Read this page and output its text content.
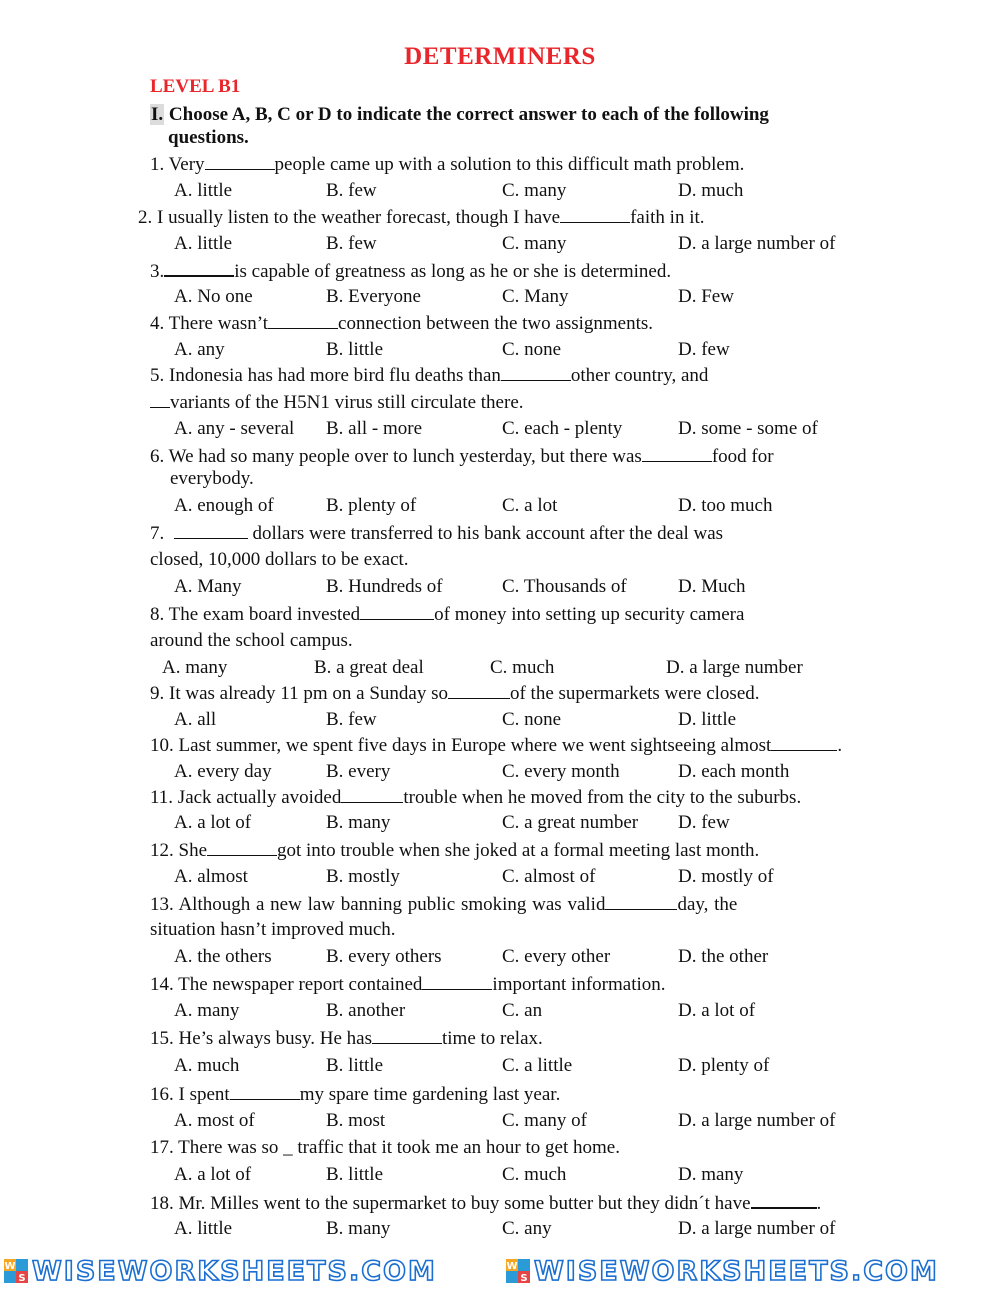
DETERMINERS
LEVEL B1
I. Choose A, B, C or D to indicate the correct answer to each of the following
questions.
1. Very	people came up with a solution to this difficult math problem.
A. little	B. few	C. many	D. much
2. I usually listen to the weather forecast, though I have	faith in it.
A. little	B. few	C. many	D. a large number of
3.	is capable of greatness as long as he or she is determined.
A. No one	B. Everyone	C. Many	D. Few
4. There wasn’t	connection between the two assignments.
A. any	B. little	C. none	D. few
5. Indonesia has had more bird flu deaths than	other country, and
variants of the H5N1 virus still circulate there.
A. any - several B. all - more	C. each - plenty	D. some - some of
6. We had so many people over to lunch yesterday, but there was	food for
everybody.
A. enough of	B. plenty of	C. a lot	D. too much
7.	dollars were transferred to his bank account after the deal was
closed, 10,000 dollars to be exact.
A. Many	B. Hundreds of	C. Thousands of	D. Much
8. The exam board invested	of money into setting up security camera
around the school campus.
A. many	B. a great deal	C. much	D. a large number
9. It was already 11 pm on a Sunday so	of the supermarkets were closed.
A. all	B. few	C. none	D. little
10. Last summer, we spent five days in Europe where we went sightseeing almost	.
A. every day	B. every	C. every month	D. each month
11. Jack actually avoided	trouble when he moved from the city to the suburbs.
A. a lot of	B. many	C. a great number D. few
12. She	got into trouble when she joked at a formal meeting last month.
A. almost	B. mostly	C. almost of	D. mostly of
13. Although a new law banning public smoking was valid	day, the
situation hasn’t improved much.
A. the others	B. every others	C. every other	D. the other
14. The newspaper report contained	important information.
A. many	B. another	C. an	D. a lot of
15. He’s always busy. He has	time to relax.
A. much	B. little	C. a little	D. plenty of
16. I spent	my spare time gardening last year.
A. most of	B. most	C. many of	D. a large number of
17. There was so _ traffic that it took me an hour to get home.
A. a lot of	B. little	C. much	D. many
18. Mr. Milles went to the supermarket to buy some butter but they didn´t have	.
A. little	B. many	C. any	D. a large number of
W
S WISEWORKSHEETS.COM	W
S WISEWORKSHEETS.COM
